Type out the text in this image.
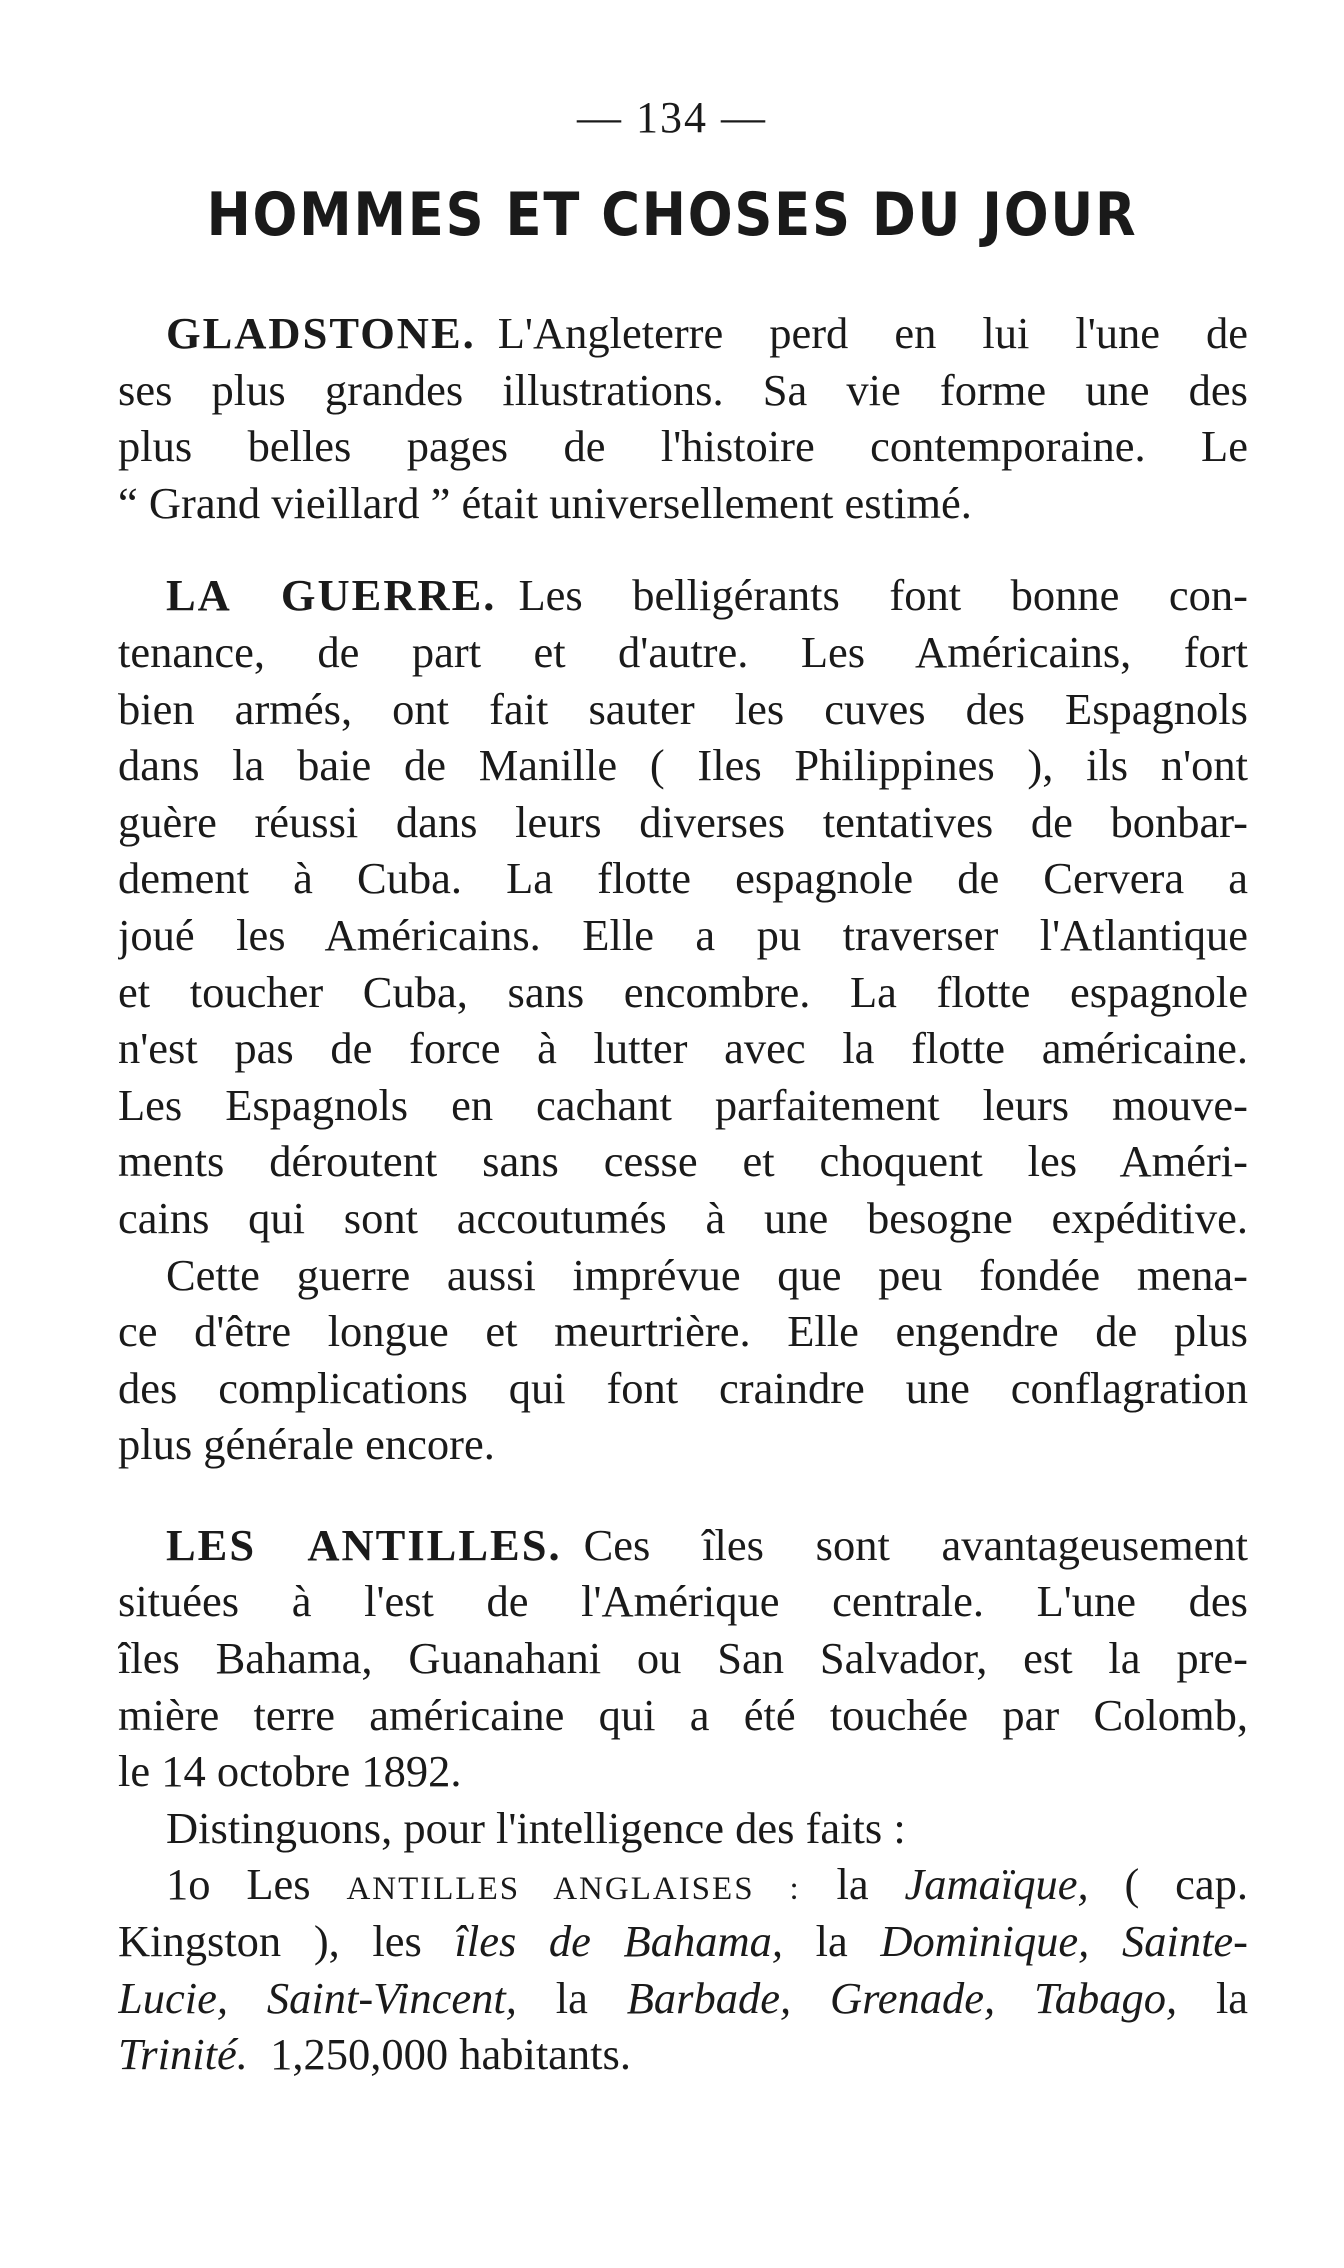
— 134 —
HOMMES ET CHOSES DU JOUR
GLADSTONE. L'Angleterre perd en lui l'une de
ses plus grandes illustrations. Sa vie forme une des
plus belles pages de l'histoire contemporaine. Le
“ Grand vieillard ” était universellement estimé.
LA GUERRE. Les belligérants font bonne con-
tenance, de part et d'autre. Les Américains, fort
bien armés, ont fait sauter les cuves des Espagnols
dans la baie de Manille ( Iles Philippines ), ils n'ont
guère réussi dans leurs diverses tentatives de bonbar-
dement à Cuba. La flotte espagnole de Cervera a
joué les Américains. Elle a pu traverser l'Atlantique
et toucher Cuba, sans encombre. La flotte espagnole
n'est pas de force à lutter avec la flotte américaine.
Les Espagnols en cachant parfaitement leurs mouve-
ments déroutent sans cesse et choquent les Améri-
cains qui sont accoutumés à une besogne expéditive.
Cette guerre aussi imprévue que peu fondée mena-
ce d'être longue et meurtrière. Elle engendre de plus
des complications qui font craindre une conflagration
plus générale encore.
LES ANTILLES. Ces îles sont avantageusement
situées à l'est de l'Amérique centrale. L'une des
îles Bahama, Guanahani ou San Salvador, est la pre-
mière terre américaine qui a été touchée par Colomb,
le 14 octobre 1892.
Distinguons, pour l'intelligence des faits :
1o Les ANTILLES ANGLAISES : la Jamaïque, ( cap.
Kingston ), les îles de Bahama, la Dominique, Sainte-
Lucie, Saint-Vincent, la Barbade, Grenade, Tabago, la
Trinité. 1,250,000 habitants.
